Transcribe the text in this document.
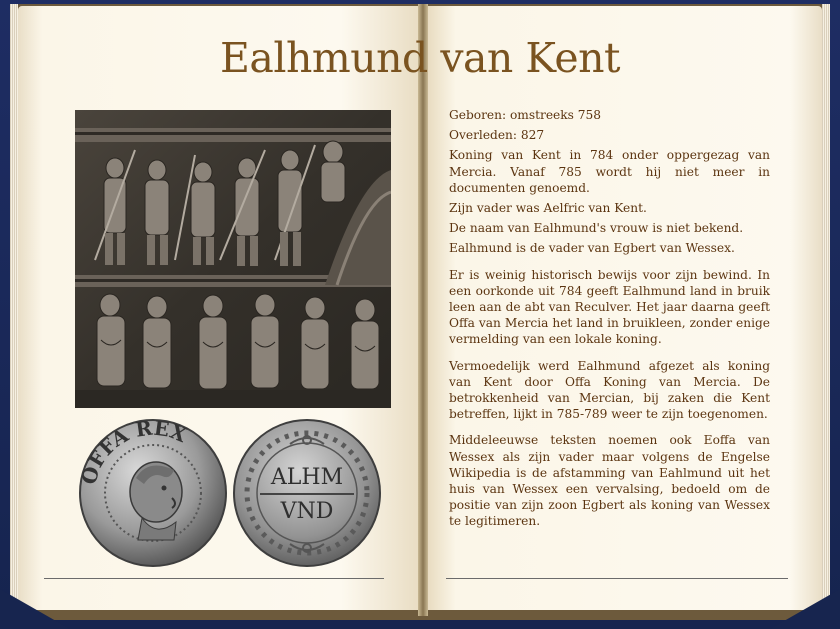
Ealhmund van Kent
OFFA REX
ALHM
VND

Geboren: omstreeks 758

Overleden: 827

Koning van Kent in 784 onder oppergezag van Mercia. Vanaf 785 wordt hij niet meer in documenten genoemd.

Zijn vader was Aelfric van Kent.

De naam van Ealhmund's vrouw is niet bekend.

Ealhmund is de vader van Egbert van Wessex.

Er is weinig historisch bewijs voor zijn bewind. In een oorkonde uit 784 geeft Ealhmund land in bruik leen aan de abt van Reculver. Het jaar daarna geeft Offa van Mercia het land in bruikleen, zonder enige vermelding van een lokale koning.

Vermoedelijk werd Ealhmund afgezet als koning van Kent door Offa Koning van Mercia. De betrokkenheid van Mercian, bij zaken die Kent betreffen, lijkt in 785-789 weer te zijn toegenomen.

Middeleeuwse teksten noemen ook Eoffa van Wessex als zijn vader maar volgens de Engelse Wikipedia is de afstamming van Eahlmund uit het huis van Wessex een vervalsing, bedoeld om de positie van zijn zoon Egbert als koning van Wessex te legitimeren.
